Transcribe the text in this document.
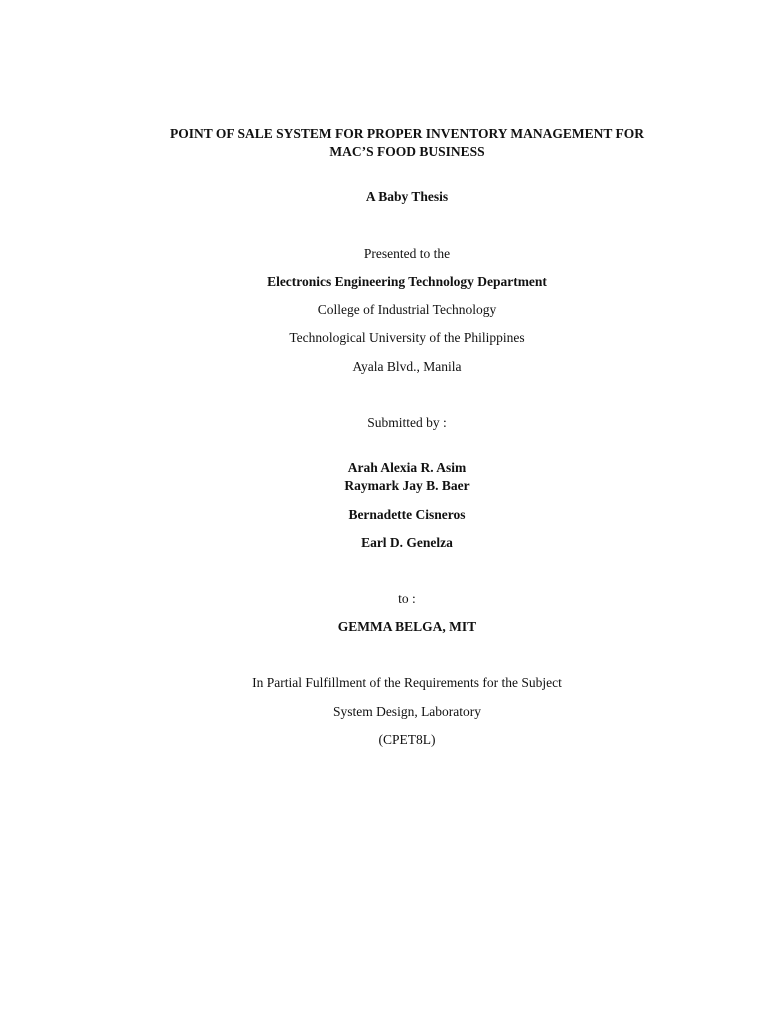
POINT OF SALE SYSTEM FOR PROPER INVENTORY MANAGEMENT FOR
MAC’S FOOD BUSINESS
A Baby Thesis
Presented to the
Electronics Engineering Technology Department
College of Industrial Technology
Technological University of the Philippines
Ayala Blvd., Manila
Submitted by :
Arah Alexia R. Asim
Raymark Jay B. Baer
Bernadette Cisneros
Earl D. Genelza
to :
GEMMA BELGA, MIT
In Partial Fulfillment of the Requirements for the Subject
System Design, Laboratory
(CPET8L)
